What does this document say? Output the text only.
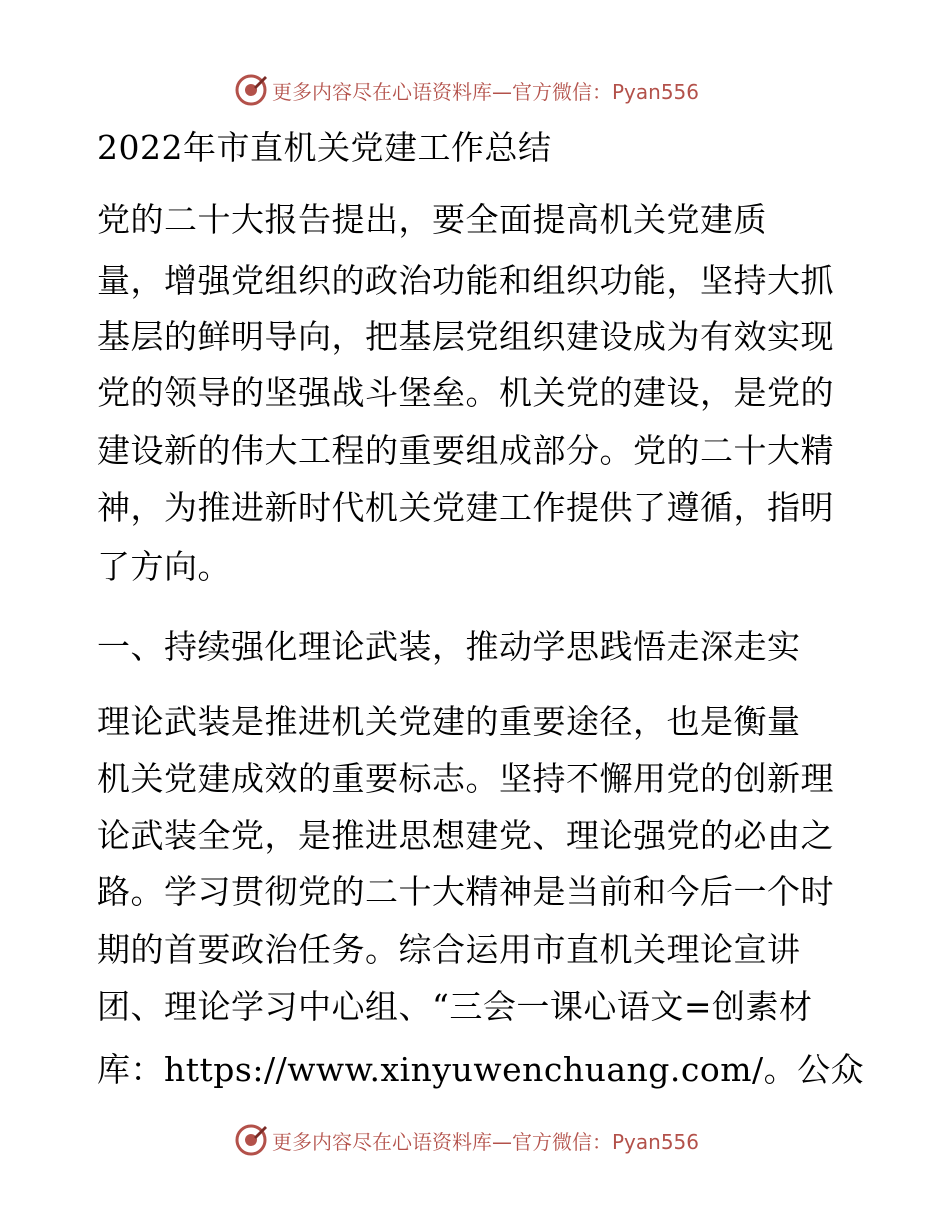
更多内容尽在心语资料库—官方微信：Pyan556
2022年市直机关党建工作总结
党的二十大报告提出，要全面提高机关党建质
量，增强党组织的政治功能和组织功能，坚持大抓
基层的鲜明导向，把基层党组织建设成为有效实现
党的领导的坚强战斗堡垒。机关党的建设，是党的
建设新的伟大工程的重要组成部分。党的二十大精
神，为推进新时代机关党建工作提供了遵循，指明
了方向。
一、持续强化理论武装，推动学思践悟走深走实
理论武装是推进机关党建的重要途径，也是衡量
机关党建成效的重要标志。坚持不懈用党的创新理
论武装全党，是推进思想建党、理论强党的必由之
路。学习贯彻党的二十大精神是当前和今后一个时
期的首要政治任务。综合运用市直机关理论宣讲
团、理论学习中心组、“三会一课心语文=创素材
库：https://www.xinyuwenchuang.com/。公众
更多内容尽在心语资料库—官方微信：Pyan556
